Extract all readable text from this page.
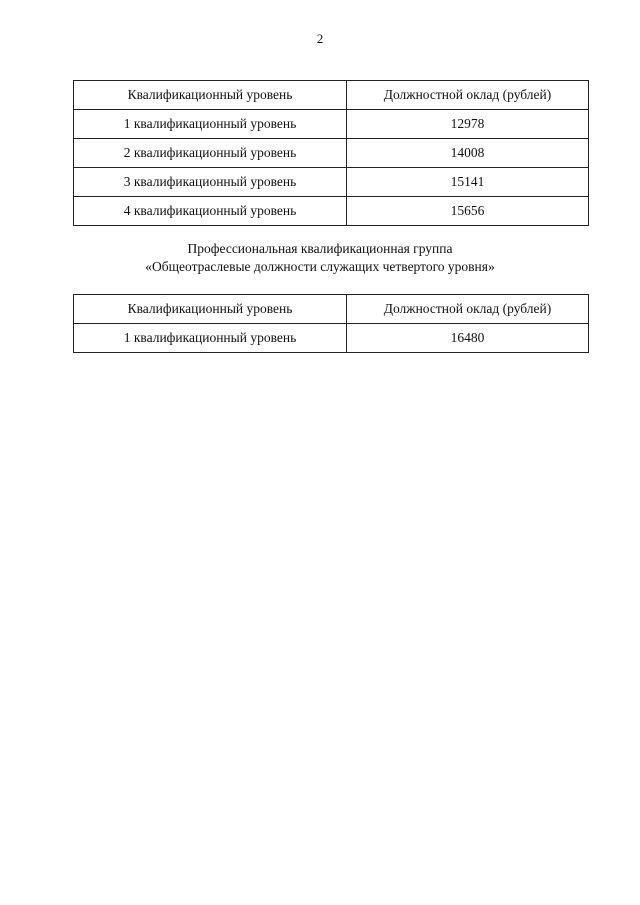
2
Квалификационный уровень	Должностной оклад (рублей)
1 квалификационный уровень	12978
2 квалификационный уровень	14008
3 квалификационный уровень	15141
4 квалификационный уровень	15656
Профессиональная квалификационная группа
«Общеотраслевые должности служащих четвертого уровня»
Квалификационный уровень	Должностной оклад (рублей)
1 квалификационный уровень	16480
